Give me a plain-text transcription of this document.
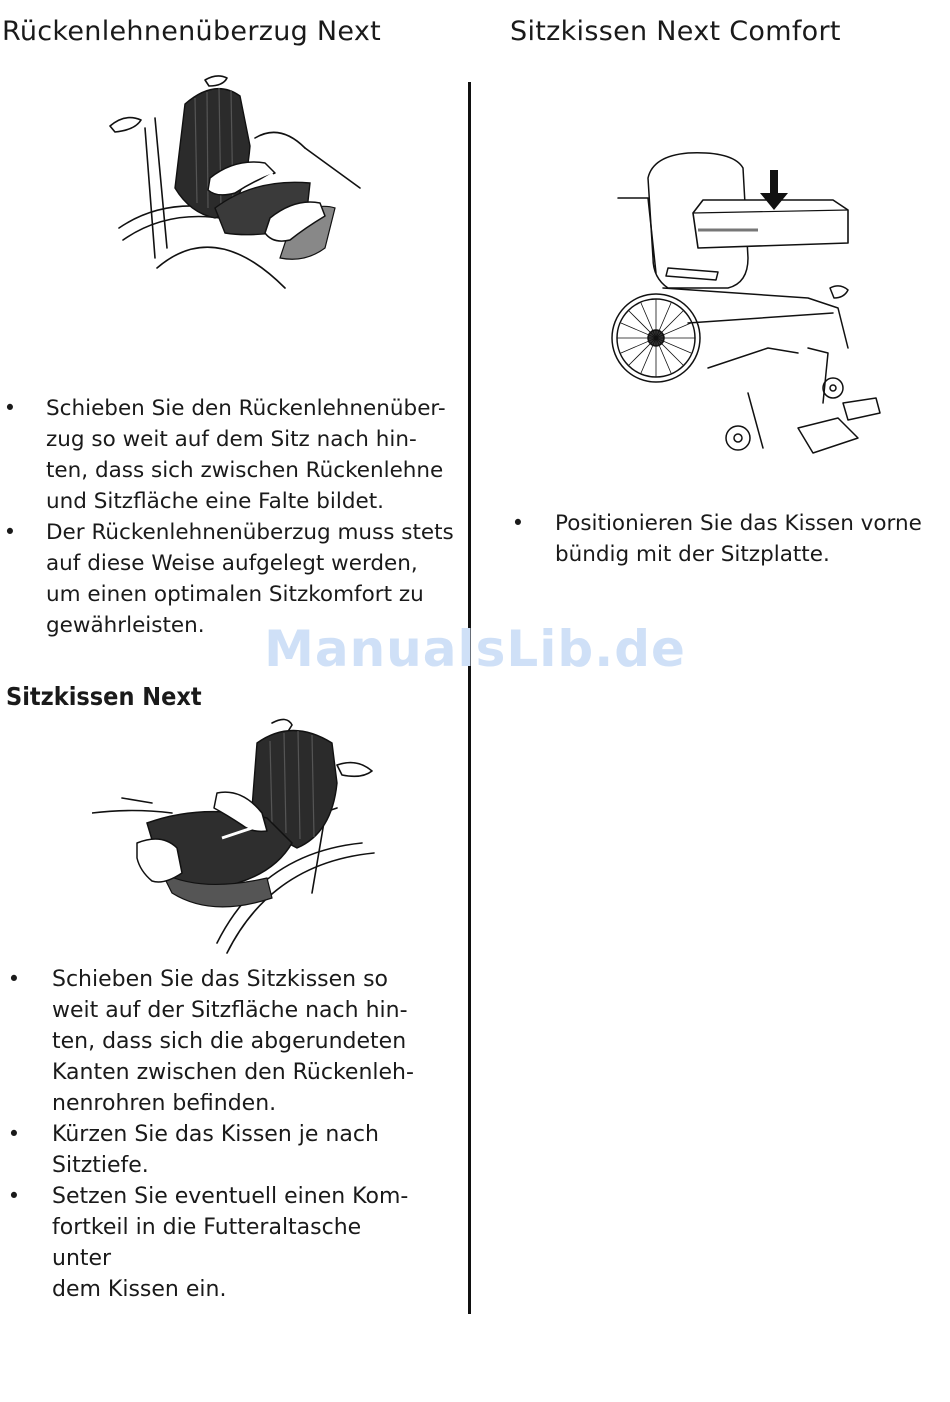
Rückenlehnenüberzug Next	Sitzkissen Next Comfort
• Schieben Sie den Rückenlehnenüber-
zug so weit auf dem Sitz nach hin-
ten, dass sich zwischen Rückenlehne
und Sitzfläche eine Falte bildet.
• Der Rückenlehnenüberzug muss stets
auf diese Weise aufgelegt werden,
um einen optimalen Sitzkomfort zu
gewährleisten.
• Positionieren Sie das Kissen vorne
bündig mit der Sitzplatte.
ManualsLib.de
Sitzkissen Next
• Schieben Sie das Sitzkissen so
weit auf der Sitzfläche nach hin-
ten, dass sich die abgerundeten
Kanten zwischen den Rückenleh-
nenrohren befinden.
• Kürzen Sie das Kissen je nach
Sitztiefe.
• Setzen Sie eventuell einen Kom-
fortkeil in die Futteraltasche unter
dem Kissen ein.
